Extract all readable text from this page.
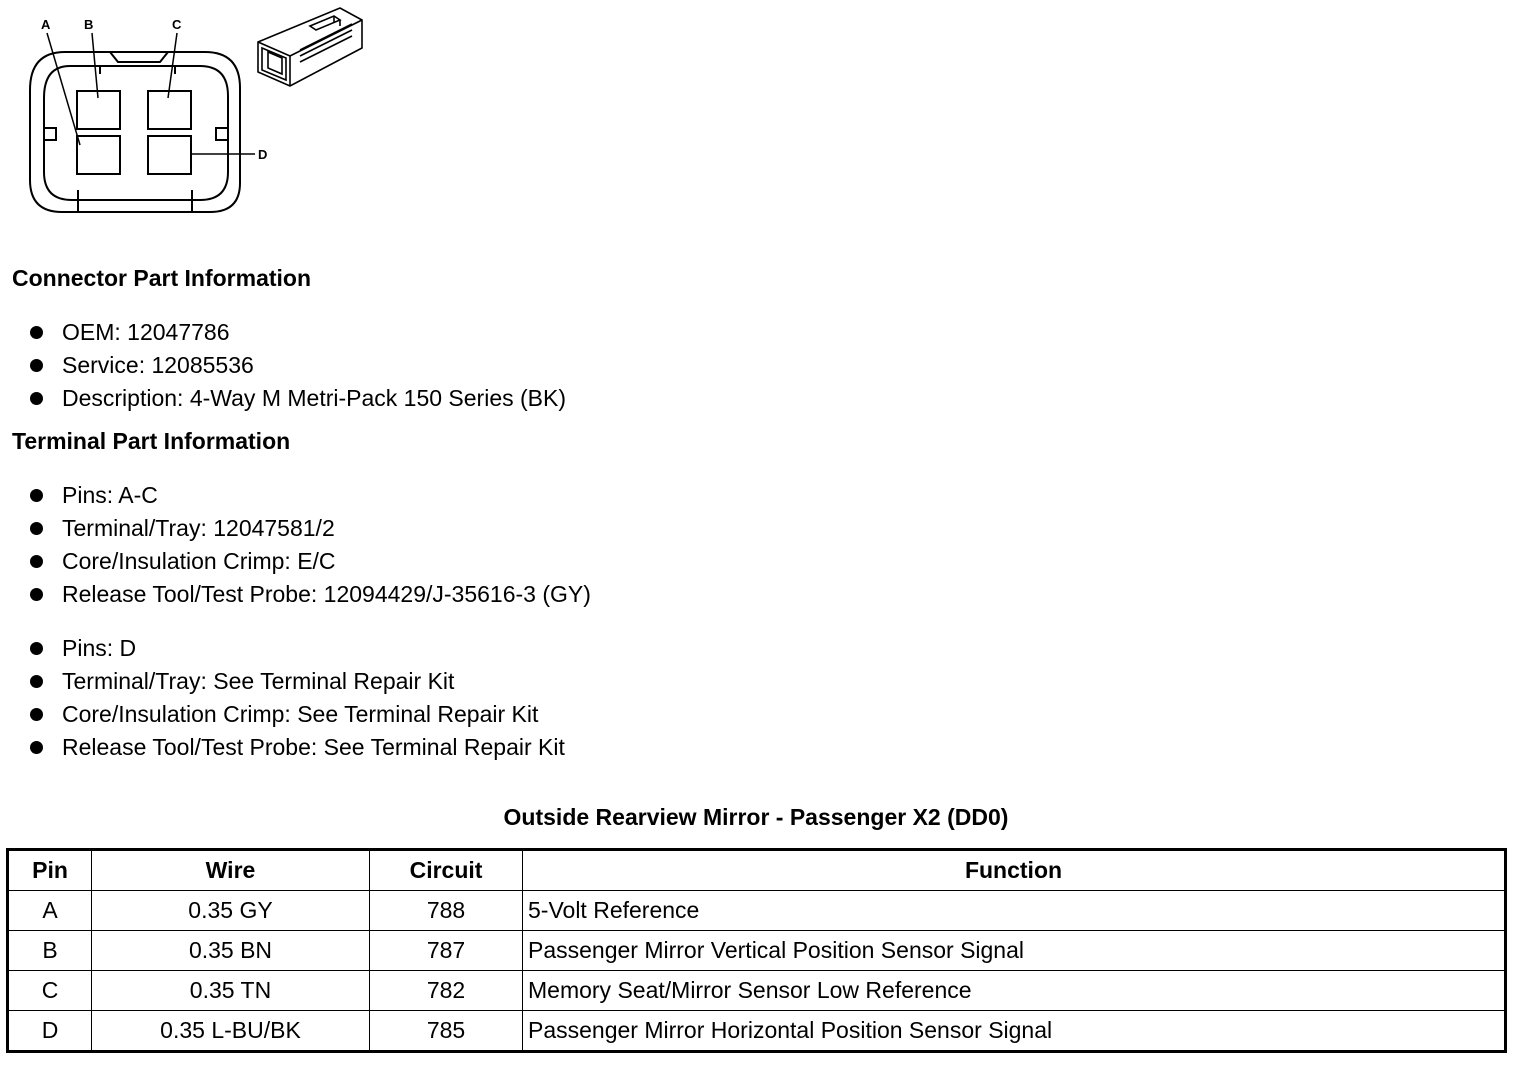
A	B	C
D
Connector Part Information
OEM: 12047786
Service: 12085536
Description: 4-Way M Metri-Pack 150 Series (BK)
Terminal Part Information
Pins: A-C
Terminal/Tray: 12047581/2
Core/Insulation Crimp: E/C
Release Tool/Test Probe: 12094429/J-35616-3 (GY)
Pins: D
Terminal/Tray: See Terminal Repair Kit
Core/Insulation Crimp: See Terminal Repair Kit
Release Tool/Test Probe: See Terminal Repair Kit
Outside Rearview Mirror - Passenger X2 (DD0)
Pin	Wire	Circuit	Function
A	0.35 GY	788	5-Volt Reference
B	0.35 BN	787	Passenger Mirror Vertical Position Sensor Signal
C	0.35 TN	782	Memory Seat/Mirror Sensor Low Reference
D	0.35 L-BU/BK	785	Passenger Mirror Horizontal Position Sensor Signal
